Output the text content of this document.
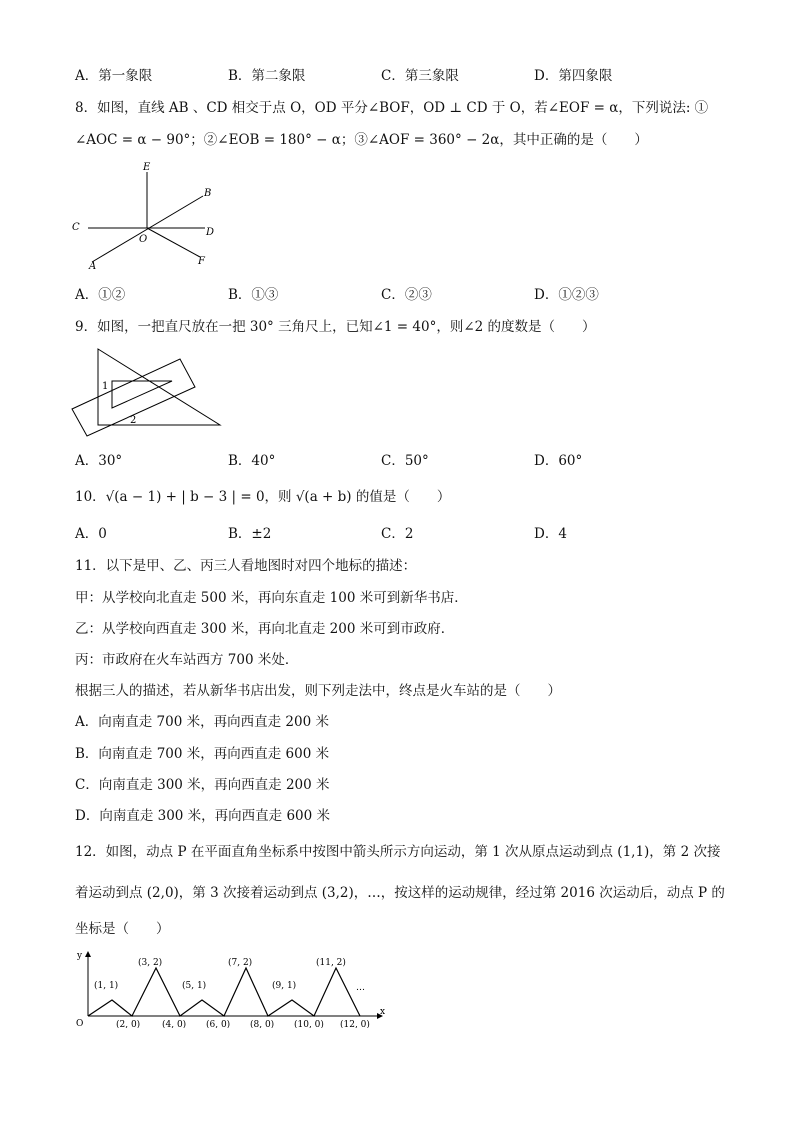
A．第一象限	B．第二象限	C．第三象限	D．第四象限
8．如图，直线 AB 、CD 相交于点 O，OD 平分∠BOF，OD ⊥ CD 于 O，若∠EOF = α，下列说法: ①
∠AOC = α − 90°；②∠EOB = 180° − α；③∠AOF = 360° − 2α，其中正确的是（　　）
E
B
C
O
D
A	F
A．①②	B．①③	C．②③	D．①②③
9．如图，一把直尺放在一把 30° 三角尺上，已知∠1 = 40°，则∠2 的度数是（　　）
1
2
A．30°	B．40°	C．50°	D．60°
10．√(a − 1) + | b − 3 | = 0，则 √(a + b) 的值是（　　）
A．0	B．±2	C．2	D．4
11．以下是甲、乙、丙三人看地图时对四个地标的描述：
甲：从学校向北直走 500 米，再向东直走 100 米可到新华书店．
乙：从学校向西直走 300 米，再向北直走 200 米可到市政府．
丙：市政府在火车站西方 700 米处．
根据三人的描述，若从新华书店出发，则下列走法中，终点是火车站的是（　　）
A．向南直走 700 米，再向西直走 200 米
B．向南直走 700 米，再向西直走 600 米
C．向南直走 300 米，再向西直走 200 米
D．向南直走 300 米，再向西直走 600 米
12．如图，动点 P 在平面直角坐标系中按图中箭头所示方向运动，第 1 次从原点运动到点 (1,1)，第 2 次接
着运动到点 (2,0)，第 3 次接着运动到点 (3,2)，…，按这样的运动规律，经过第 2016 次运动后，动点 P 的
坐标是（　　）
x
y
O
…
(1, 1)
(3, 2)
(5, 1)
(7, 2)
(9, 1)
(11, 2)
(2, 0) (4, 0) (6, 0) (8, 0) (10, 0) (12, 0)
